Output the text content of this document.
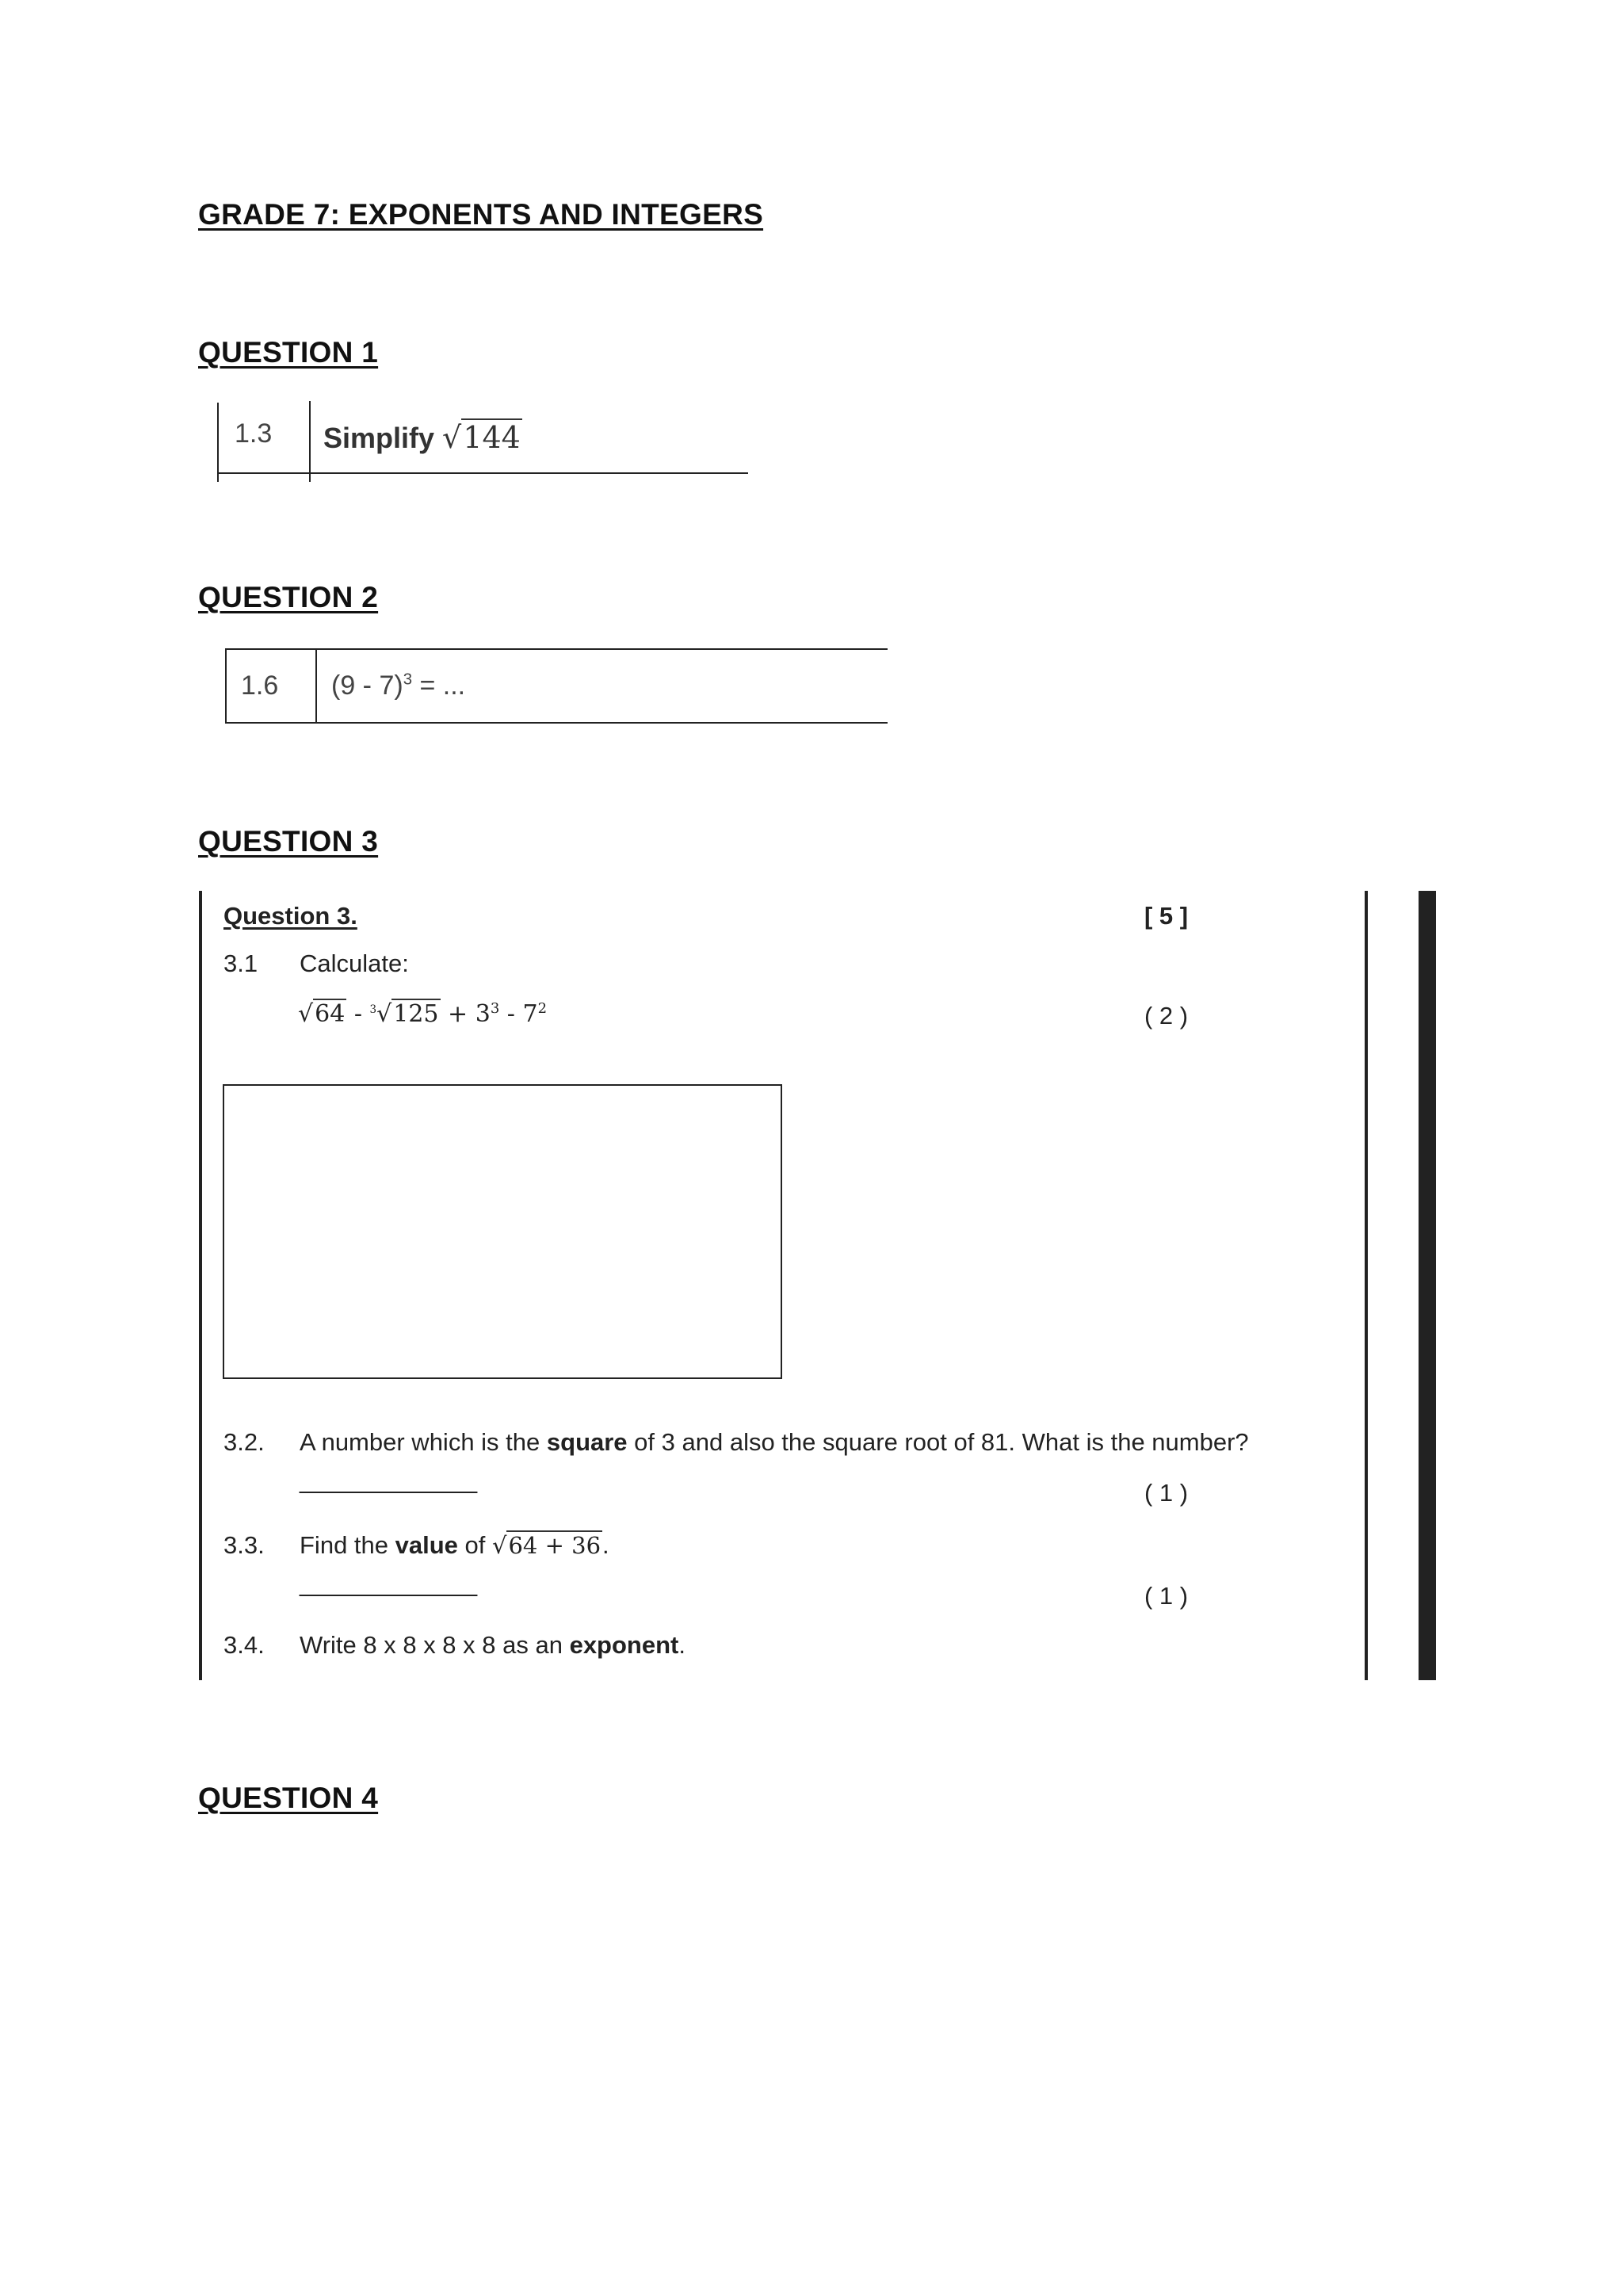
GRADE 7: EXPONENTS AND INTEGERS
QUESTION 1
1.3 Simplify √144
QUESTION 2
1.6 (9 - 7)$^3$ = ...
QUESTION 3
Question 3.	[ 5 ]
3.1 Calculate:
$√64 - ^3√125 + 3^3 - 7^2$	( 2 )
3.2. A number which is the square of 3 and also the square root of 81. What is the number?
_____________	( 1 )
3.3. Find the value of √64 + 36.
_____________	( 1 )
3.4. Write 8 x 8 x 8 x 8 as an exponent.
QUESTION 4
